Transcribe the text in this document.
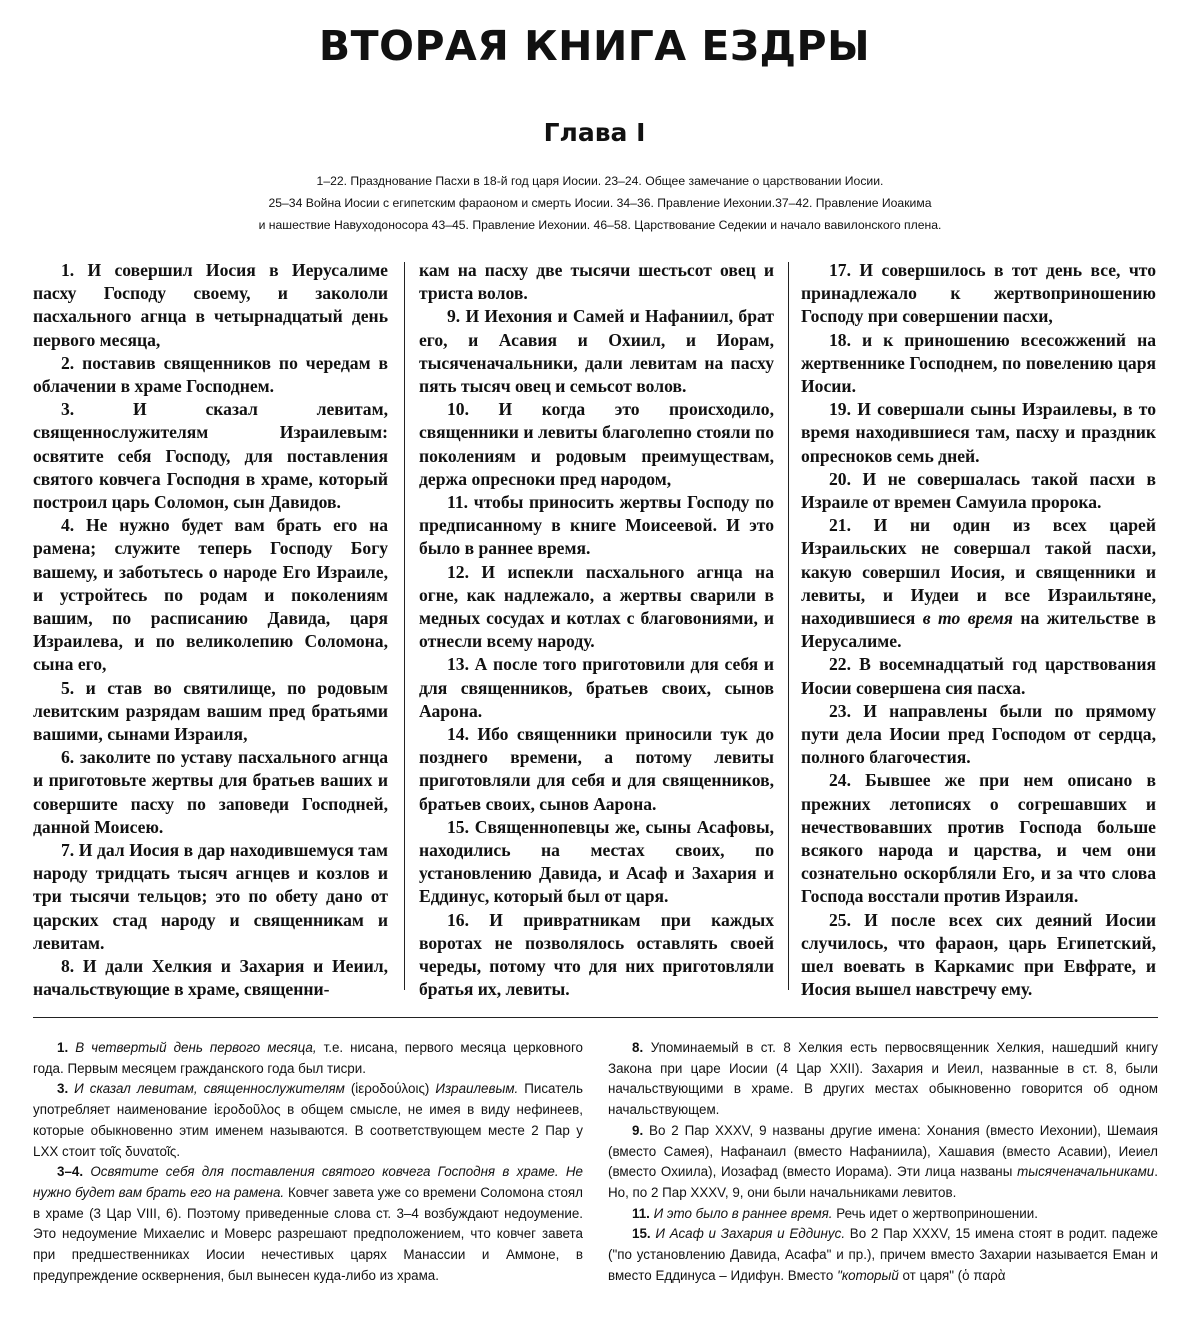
ВТОРАЯ КНИГА ЕЗДРЫ
Глава I
1–22. Празднование Пасхи в 18-й год царя Иосии. 23–24. Общее замечание о царствовании Иосии.
25–34 Война Иосии с египетским фараоном и смерть Иосии. 34–36. Правление Иехонии.37–42. Правление Иоакима
и нашествие Навуходоносора 43–45. Правление Иехонии. 46–58. Царствование Седекии и начало вавилонского плена.

1. И совершил Иосия в Иерусалиме пасху Господу своему, и закололи пасхального агнца в четырнадцатый день первого месяца,

2. поставив священников по чередам в облачении в храме Господнем.

3. И сказал левитам, священнослужителям Израилевым: освятите себя Господу, для поставления святого ковчега Господня в храме, который построил царь Соломон, сын Давидов.

4. Не нужно будет вам брать его на рамена; служите теперь Господу Богу вашему, и заботьтесь о народе Его Израиле, и устройтесь по родам и поколениям вашим, по расписанию Давида, царя Израилева, и по великолепию Соломона, сына его,

5. и став во святилище, по родовым левитским разрядам вашим пред братьями вашими, сынами Израиля,

6. заколите по уставу пасхального агнца и приготовьте жертвы для братьев ваших и совершите пасху по заповеди Господней, данной Моисею.

7. И дал Иосия в дар находившемуся там народу тридцать тысяч агнцев и козлов и три тысячи тельцов; это по обету дано от царских стад народу и священникам и левитам.

8. И дали Хелкия и Захария и Иеиил, начальствующие в храме, священни-

кам на пасху две тысячи шестьсот овец и триста волов.

9. И Иехония и Самей и Нафаниил, брат его, и Асавия и Охиил, и Иорам, тысяченачальники, дали левитам на пасху пять тысяч овец и семьсот волов.

10. И когда это происходило, священники и левиты благолепно стояли по поколениям и родовым преимуществам, держа опресноки пред народом,

11. чтобы приносить жертвы Господу по предписанному в книге Моисеевой. И это было в раннее время.

12. И испекли пасхального агнца на огне, как надлежало, а жертвы сварили в медных сосудах и котлах с благовониями, и отнесли всему народу.

13. А после того приготовили для себя и для священников, братьев своих, сынов Аарона.

14. Ибо священники приносили тук до позднего времени, а потому левиты приготовляли для себя и для священников, братьев своих, сынов Аарона.

15. Священнопевцы же, сыны Асафовы, находились на местах своих, по установлению Давида, и Асаф и Захария и Еддинус, который был от царя.

16. И привратникам при каждых воротах не позволялось оставлять своей череды, потому что для них приготовляли братья их, левиты.

17. И совершилось в тот день все, что принадлежало к жертвоприношению Господу при совершении пасхи,

18. и к приношению всесожжений на жертвеннике Господнем, по повелению царя Иосии.

19. И совершали сыны Израилевы, в то время находившиеся там, пасху и праздник опресноков семь дней.

20. И не совершалась такой пасхи в Израиле от времен Самуила пророка.

21. И ни один из всех царей Израильских не совершал такой пасхи, какую совершил Иосия, и священники и левиты, и Иудеи и все Израильтяне, находившиеся в то время на жительстве в Иерусалиме.

22. В восемнадцатый год царствования Иосии совершена сия пасха.

23. И направлены были по прямому пути дела Иосии пред Господом от сердца, полного благочестия.

24. Бывшее же при нем описано в прежних летописях о согрешавших и нечествовавших против Господа больше всякого народа и царства, и чем они сознательно оскорбляли Его, и за что слова Господа восстали против Израиля.

25. И после всех сих деяний Иосии случилось, что фараон, царь Египетский, шел воевать в Каркамис при Евфрате, и Иосия вышел навстречу ему.

1. В четвертый день первого месяца, т.е. нисана, первого месяца церковного года. Первым месяцем гражданского года был тисри.

3. И сказал левитам, священнослужителям (ἱεροδούλοις) Израилевым. Писатель употребляет наименование ἱεροδοῦλος в общем смысле, не имея в виду нефинеев, которые обыкновенно этим именем называются. В соответствующем месте 2 Пар у LXX стоит τοῖς δυνατοῖς.

3–4. Освятите себя для поставления святого ковчега Господня в храме. Не нужно будет вам брать его на рамена. Ковчег завета уже со времени Соломона стоял в храме (3 Цар VIII, 6). Поэтому приведенные слова ст. 3–4 возбуждают недоумение. Это недоумение Михаелис и Моверс разрешают предположением, что ковчег завета при предшественниках Иосии нечестивых царях Манассии и Аммоне, в предупреждение осквернения, был вынесен куда-либо из храма.

8. Упоминаемый в ст. 8 Хелкия есть первосвященник Хелкия, нашедший книгу Закона при царе Иосии (4 Цар XXII). Захария и Иеил, названные в ст. 8, были начальствующими в храме. В других местах обыкновенно говорится об одном начальствующем.

9. Во 2 Пар XXXV, 9 названы другие имена: Хонания (вместо Иехонии), Шемаия (вместо Самея), Нафанаил (вместо Нафаниила), Хашавия (вместо Асавии), Иеиел (вместо Охиила), Иозафад (вместо Иорама). Эти лица названы тысяченачальниками. Но, по 2 Пар XXXV, 9, они были начальниками левитов.

11. И это было в раннее время. Речь идет о жертвоприношении.

15. И Асаф и Захария и Еддинус. Во 2 Пар XXXV, 15 имена стоят в родит. падеже ("по установлению Давида, Асафа" и пр.), причем вместо Захарии называется Еман и вместо Еддинуса – Идифун. Вместо "который от царя" (ὁ παρὰ
